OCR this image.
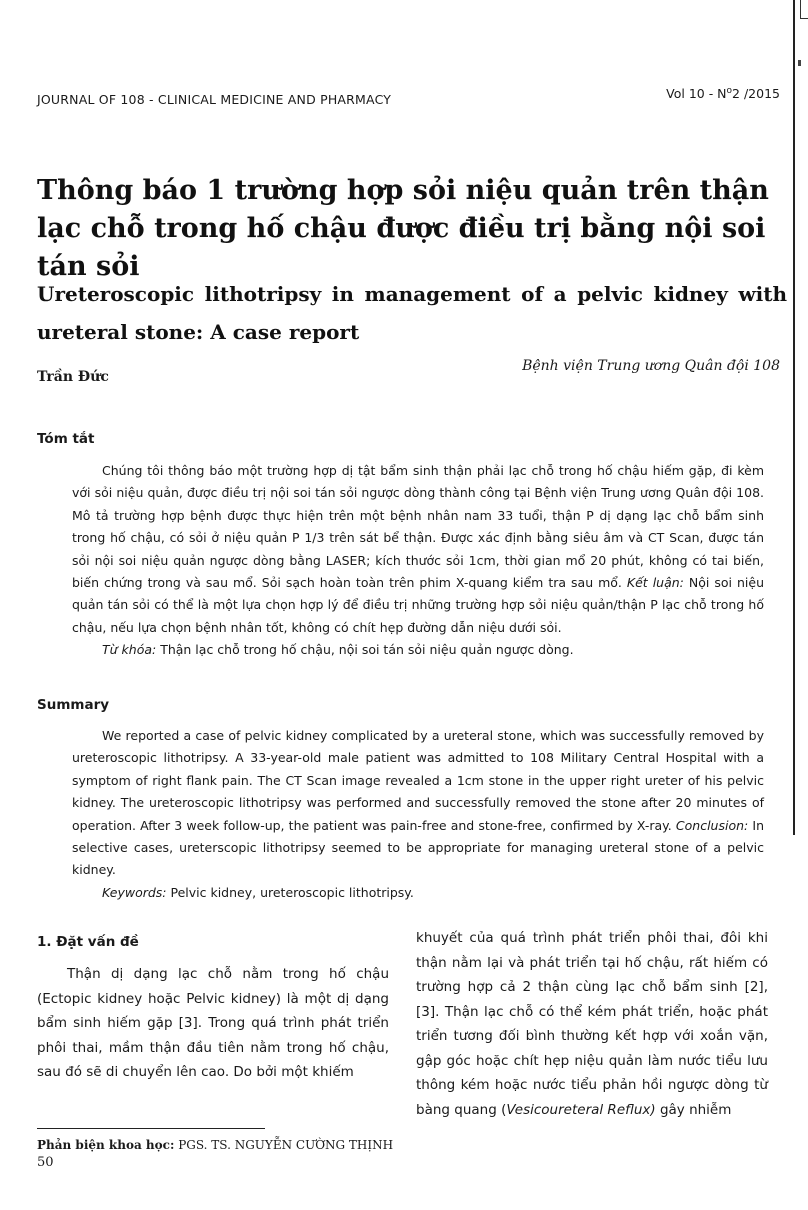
JOURNAL OF 108 - CLINICAL MEDICINE AND PHARMACY	Vol $10 - N^o2$ /2015
Thông báo 1 trường hợp sỏi niệu quản trên thận lạc chỗ trong hố chậu được điều trị bằng nội soi tán sỏi
Ureteroscopic lithotripsy in management of a pelvic kidney with ureteral stone: A case report
Trần Đức
Bệnh viện Trung ương Quân đội 108
Tóm tắt

Chúng tôi thông báo một trường hợp dị tật bẩm sinh thận phải lạc chỗ trong hố chậu hiếm gặp, đi kèm với sỏi niệu quản, được điều trị nội soi tán sỏi ngược dòng thành công tại Bệnh viện Trung ương Quân đội 108. Mô tả trường hợp bệnh được thực hiện trên một bệnh nhân nam 33 tuổi, thận P dị dạng lạc chỗ bẩm sinh trong hố chậu, có sỏi ở niệu quản P 1/3 trên sát bể thận. Được xác định bằng siêu âm và CT Scan, được tán sỏi nội soi niệu quản ngược dòng bằng LASER; kích thước sỏi 1cm, thời gian mổ 20 phút, không có tai biến, biến chứng trong và sau mổ. Sỏi sạch hoàn toàn trên phim X-quang kiểm tra sau mổ. Kết luận: Nội soi niệu quản tán sỏi có thể là một lựa chọn hợp lý để điều trị những trường hợp sỏi niệu quản/thận P lạc chỗ trong hố chậu, nếu lựa chọn bệnh nhân tốt, không có chít hẹp đường dẫn niệu dưới sỏi.

Từ khóa: Thận lạc chỗ trong hố chậu, nội soi tán sỏi niệu quản ngược dòng.

Summary

We reported a case of pelvic kidney complicated by a ureteral stone, which was successfully removed by ureteroscopic lithotripsy. A 33-year-old male patient was admitted to 108 Military Central Hospital with a symptom of right flank pain. The CT Scan image revealed a 1cm stone in the upper right ureter of his pelvic kidney. The ureteroscopic lithotripsy was performed and successfully removed the stone after 20 minutes of operation. After 3 week follow-up, the patient was pain-free and stone-free, confirmed by X-ray. Conclusion: In selective cases, ureterscopic lithotripsy seemed to be appropriate for managing ureteral stone of a pelvic kidney.

Keywords: Pelvic kidney, ureteroscopic lithotripsy.

1. Đặt vấn đề

Thận dị dạng lạc chỗ nằm trong hố chậu (Ectopic kidney hoặc Pelvic kidney) là một dị dạng bẩm sinh hiếm gặp [3]. Trong quá trình phát triển phôi thai, mầm thận đầu tiên nằm trong hố chậu, sau đó sẽ di chuyển lên cao. Do bởi một khiếm

khuyết của quá trình phát triển phôi thai, đôi khi thận nằm lại và phát triển tại hố chậu, rất hiếm có trường hợp cả 2 thận cùng lạc chỗ bẩm sinh [2], [3]. Thận lạc chỗ có thể kém phát triển, hoặc phát triển tương đối bình thường kết hợp với xoắn vặn, gập góc hoặc chít hẹp niệu quản làm nước tiểu lưu thông kém hoặc nước tiểu phản hồi ngược dòng từ bàng quang (Vesicoureteral Reflux) gây nhiễm

Phản biện khoa học: PGS. TS. NGUYỄN CƯỜNG THỊNH
50
